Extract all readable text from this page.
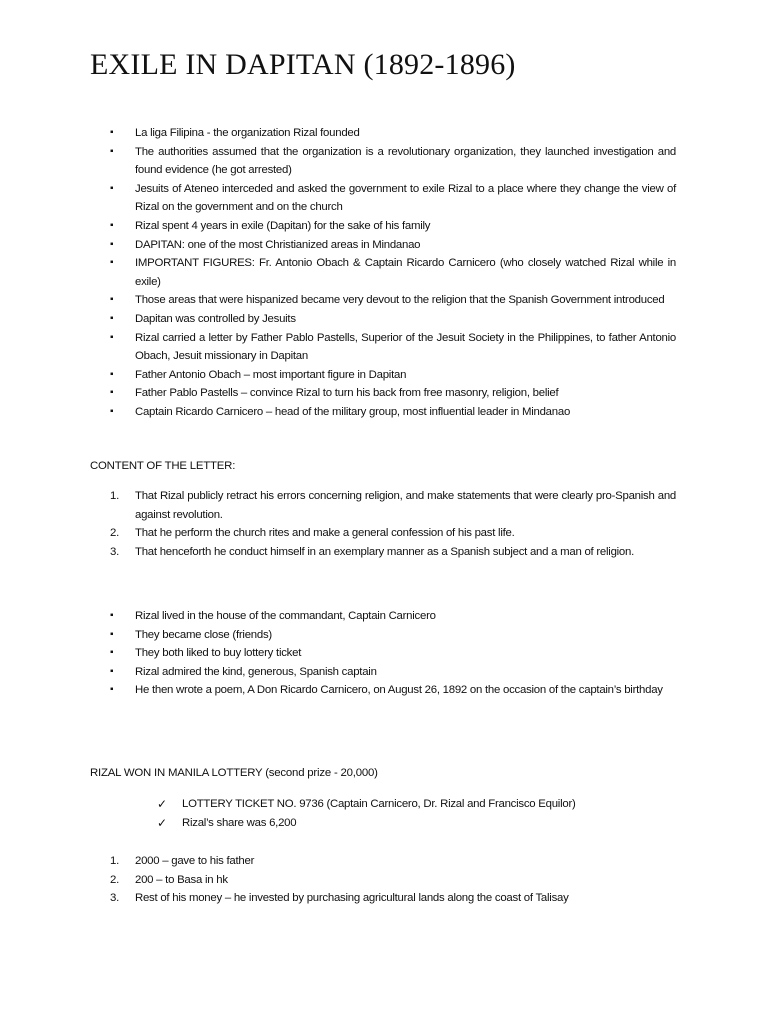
EXILE IN DAPITAN (1892-1896)
▪	La liga Filipina - the organization Rizal founded
▪	The authorities assumed that the organization is a revolutionary organization, they launched investigation and found evidence (he got arrested)
▪	Jesuits of Ateneo interceded and asked the government to exile Rizal to a place where they change the view of Rizal on the government and on the church
▪	Rizal spent 4 years in exile (Dapitan) for the sake of his family
▪	DAPITAN: one of the most Christianized areas in Mindanao
▪	IMPORTANT FIGURES: Fr. Antonio Obach & Captain Ricardo Carnicero (who closely watched Rizal while in exile)
▪	Those areas that were hispanized became very devout to the religion that the Spanish Government introduced
▪	Dapitan was controlled by Jesuits
▪	Rizal carried a letter by Father Pablo Pastells, Superior of the Jesuit Society in the Philippines, to father Antonio Obach, Jesuit missionary in Dapitan
▪	Father Antonio Obach – most important figure in Dapitan
▪	Father Pablo Pastells – convince Rizal to turn his back from free masonry, religion, belief
▪	Captain Ricardo Carnicero – head of the military group, most influential leader in Mindanao

CONTENT OF THE LETTER:

1.	That Rizal publicly retract his errors concerning religion, and make statements that were clearly pro-Spanish and against revolution.
2.	That he perform the church rites and make a general confession of his past life.
3.	That henceforth he conduct himself in an exemplary manner as a Spanish subject and a man of religion.
▪	Rizal lived in the house of the commandant, Captain Carnicero
▪	They became close (friends)
▪	They both liked to buy lottery ticket
▪	Rizal admired the kind, generous, Spanish captain
▪	He then wrote a poem, A Don Ricardo Carnicero, on August 26, 1892 on the occasion of the captain’s birthday

RIZAL WON IN MANILA LOTTERY (second prize - 20,000)

✓	LOTTERY TICKET NO. 9736 (Captain Carnicero, Dr. Rizal and Francisco Equilor)
✓	Rizal’s share was 6,200
1.	2000 – gave to his father
2.	200 – to Basa in hk
3.	Rest of his money – he invested by purchasing agricultural lands along the coast of Talisay
